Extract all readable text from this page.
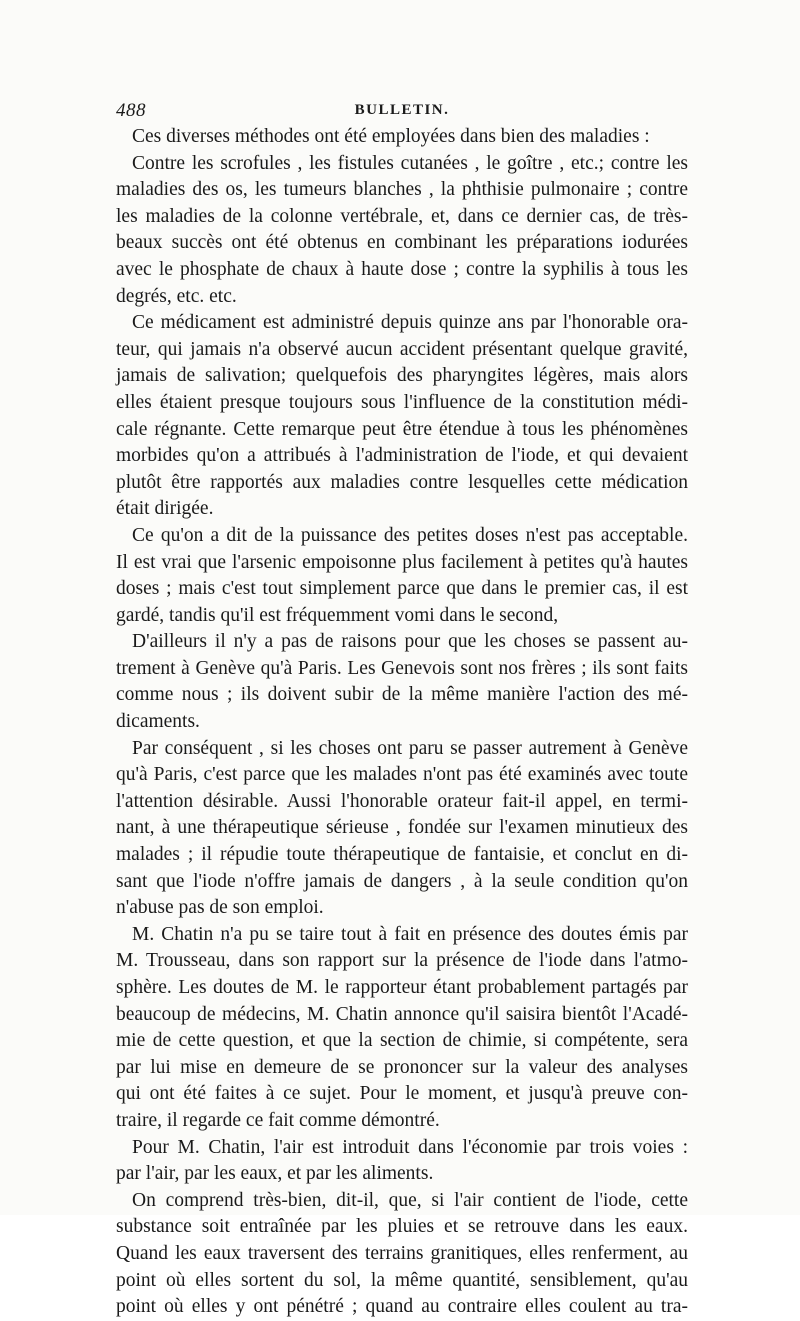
488	BULLETIN.
Ces diverses méthodes ont été employées dans bien des maladies :
Contre les scrofules , les fistules cutanées , le goître , etc.; contre les
maladies des os, les tumeurs blanches , la phthisie pulmonaire ; contre
les maladies de la colonne vertébrale, et, dans ce dernier cas, de très-
beaux succès ont été obtenus en combinant les préparations iodurées
avec le phosphate de chaux à haute dose ; contre la syphilis à tous les
degrés, etc. etc.
Ce médicament est administré depuis quinze ans par l'honorable ora-
teur, qui jamais n'a observé aucun accident présentant quelque gravité,
jamais de salivation; quelquefois des pharyngites légères, mais alors
elles étaient presque toujours sous l'influence de la constitution médi-
cale régnante. Cette remarque peut être étendue à tous les phénomènes
morbides qu'on a attribués à l'administration de l'iode, et qui devaient
plutôt être rapportés aux maladies contre lesquelles cette médication
était dirigée.
Ce qu'on a dit de la puissance des petites doses n'est pas acceptable.
Il est vrai que l'arsenic empoisonne plus facilement à petites qu'à hautes
doses ; mais c'est tout simplement parce que dans le premier cas, il est
gardé, tandis qu'il est fréquemment vomi dans le second,
D'ailleurs il n'y a pas de raisons pour que les choses se passent au-
trement à Genève qu'à Paris. Les Genevois sont nos frères ; ils sont faits
comme nous ; ils doivent subir de la même manière l'action des mé-
dicaments.
Par conséquent , si les choses ont paru se passer autrement à Genève
qu'à Paris, c'est parce que les malades n'ont pas été examinés avec toute
l'attention désirable. Aussi l'honorable orateur fait-il appel, en termi-
nant, à une thérapeutique sérieuse , fondée sur l'examen minutieux des
malades ; il répudie toute thérapeutique de fantaisie, et conclut en di-
sant que l'iode n'offre jamais de dangers , à la seule condition qu'on
n'abuse pas de son emploi.
M. Chatin n'a pu se taire tout à fait en présence des doutes émis par
M. Trousseau, dans son rapport sur la présence de l'iode dans l'atmo-
sphère. Les doutes de M. le rapporteur étant probablement partagés par
beaucoup de médecins, M. Chatin annonce qu'il saisira bientôt l'Acadé-
mie de cette question, et que la section de chimie, si compétente, sera
par lui mise en demeure de se prononcer sur la valeur des analyses
qui ont été faites à ce sujet. Pour le moment, et jusqu'à preuve con-
traire, il regarde ce fait comme démontré.
Pour M. Chatin, l'air est introduit dans l'économie par trois voies :
par l'air, par les eaux, et par les aliments.
On comprend très-bien, dit-il, que, si l'air contient de l'iode, cette
substance soit entraînée par les pluies et se retrouve dans les eaux.
Quand les eaux traversent des terrains granitiques, elles renferment, au
point où elles sortent du sol, la même quantité, sensiblement, qu'au
point où elles y ont pénétré ; quand au contraire elles coulent au tra-
